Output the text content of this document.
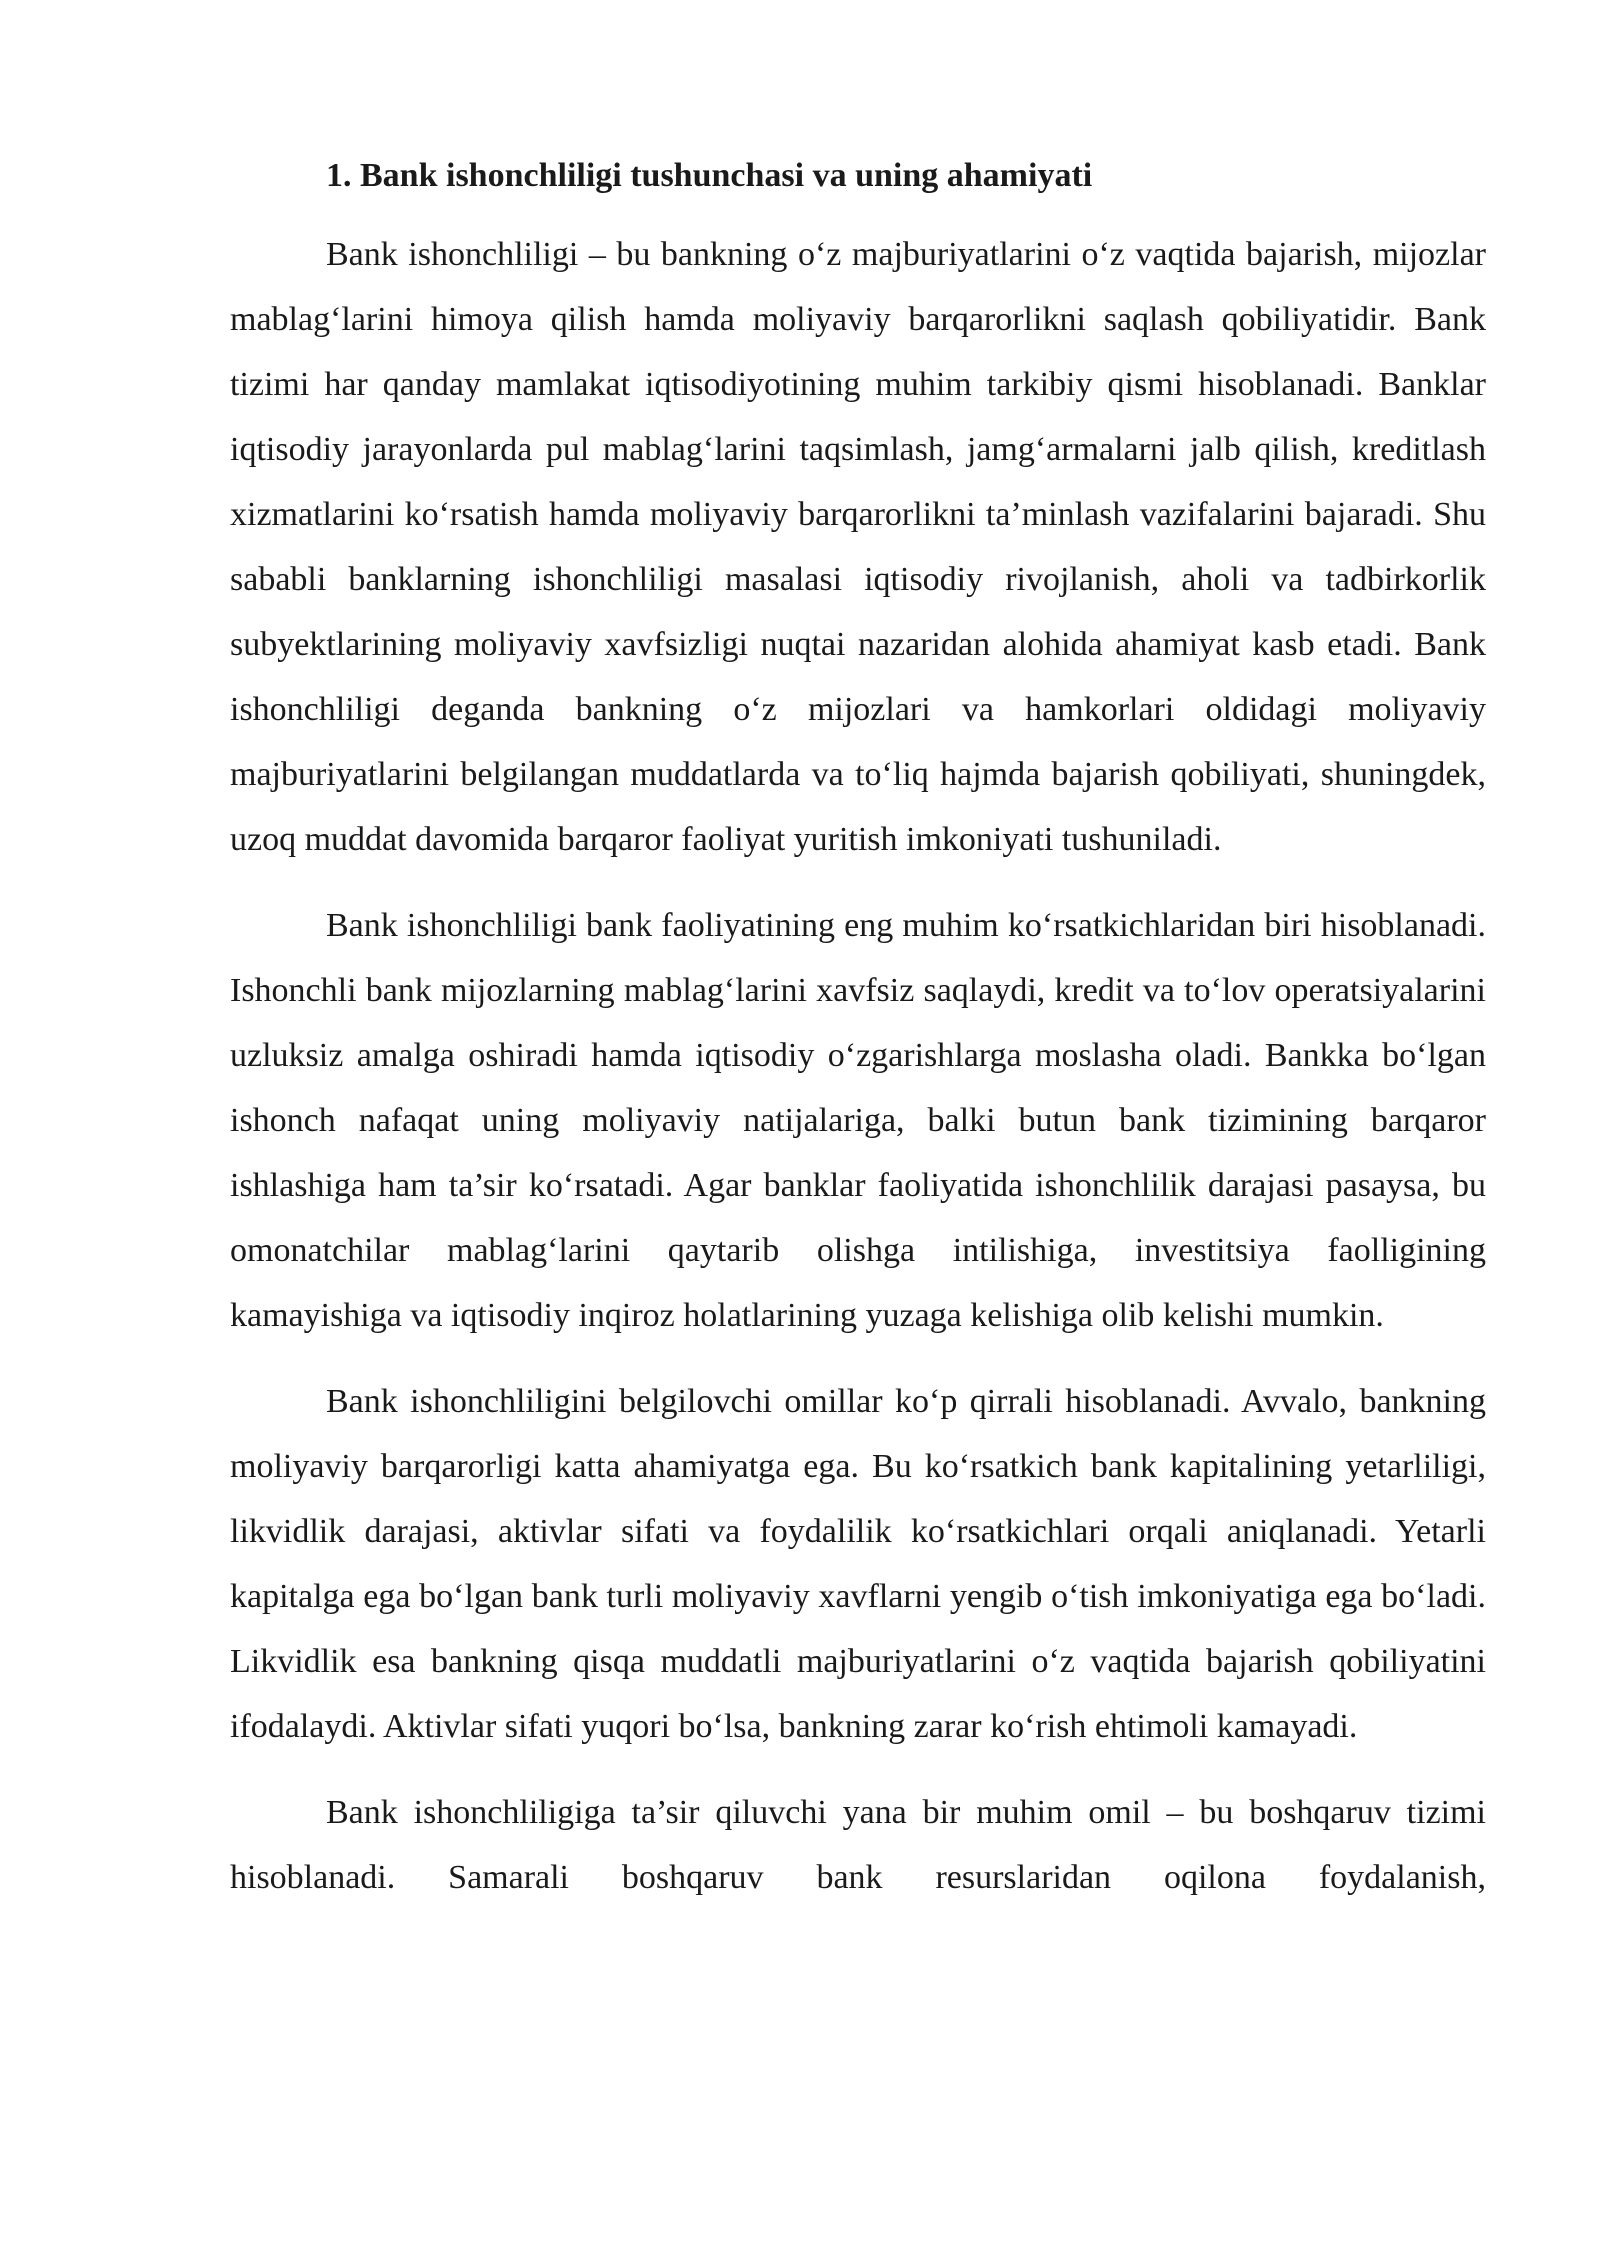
1. Bank ishonchliligi tushunchasi va uning ahamiyati

Bank ishonchliligi – bu bankning o‘z majburiyatlarini o‘z vaqtida bajarish, mijozlar mablag‘larini himoya qilish hamda moliyaviy barqarorlikni saqlash qobiliyatidir. Bank tizimi har qanday mamlakat iqtisodiyotining muhim tarkibiy qismi hisoblanadi. Banklar iqtisodiy jarayonlarda pul mablag‘larini taqsimlash, jamg‘armalarni jalb qilish, kreditlash xizmatlarini ko‘rsatish hamda moliyaviy barqarorlikni ta’minlash vazifalarini bajaradi. Shu sababli banklarning ishonchliligi masalasi iqtisodiy rivojlanish, aholi va tadbirkorlik subyektlarining moliyaviy xavfsizligi nuqtai nazaridan alohida ahamiyat kasb etadi. Bank ishonchliligi deganda bankning o‘z mijozlari va hamkorlari oldidagi moliyaviy majburiyatlarini belgilangan muddatlarda va to‘liq hajmda bajarish qobiliyati, shuningdek, uzoq muddat davomida barqaror faoliyat yuritish imkoniyati tushuniladi.

Bank ishonchliligi bank faoliyatining eng muhim ko‘rsatkichlaridan biri hisoblanadi. Ishonchli bank mijozlarning mablag‘larini xavfsiz saqlaydi, kredit va to‘lov operatsiyalarini uzluksiz amalga oshiradi hamda iqtisodiy o‘zgarishlarga moslasha oladi. Bankka bo‘lgan ishonch nafaqat uning moliyaviy natijalariga, balki butun bank tizimining barqaror ishlashiga ham ta’sir ko‘rsatadi. Agar banklar faoliyatida ishonchlilik darajasi pasaysa, bu omonatchilar mablag‘larini qaytarib olishga intilishiga, investitsiya faolligining kamayishiga va iqtisodiy inqiroz holatlarining yuzaga kelishiga olib kelishi mumkin.

Bank ishonchliligini belgilovchi omillar ko‘p qirrali hisoblanadi. Avvalo, bankning moliyaviy barqarorligi katta ahamiyatga ega. Bu ko‘rsatkich bank kapitalining yetarliligi, likvidlik darajasi, aktivlar sifati va foydalilik ko‘rsatkichlari orqali aniqlanadi. Yetarli kapitalga ega bo‘lgan bank turli moliyaviy xavflarni yengib o‘tish imkoniyatiga ega bo‘ladi. Likvidlik esa bankning qisqa muddatli majburiyatlarini o‘z vaqtida bajarish qobiliyatini ifodalaydi. Aktivlar sifati yuqori bo‘lsa, bankning zarar ko‘rish ehtimoli kamayadi.

Bank ishonchliligiga ta’sir qiluvchi yana bir muhim omil – bu boshqaruv tizimi hisoblanadi. Samarali boshqaruv bank resurslaridan oqilona foydalanish,
